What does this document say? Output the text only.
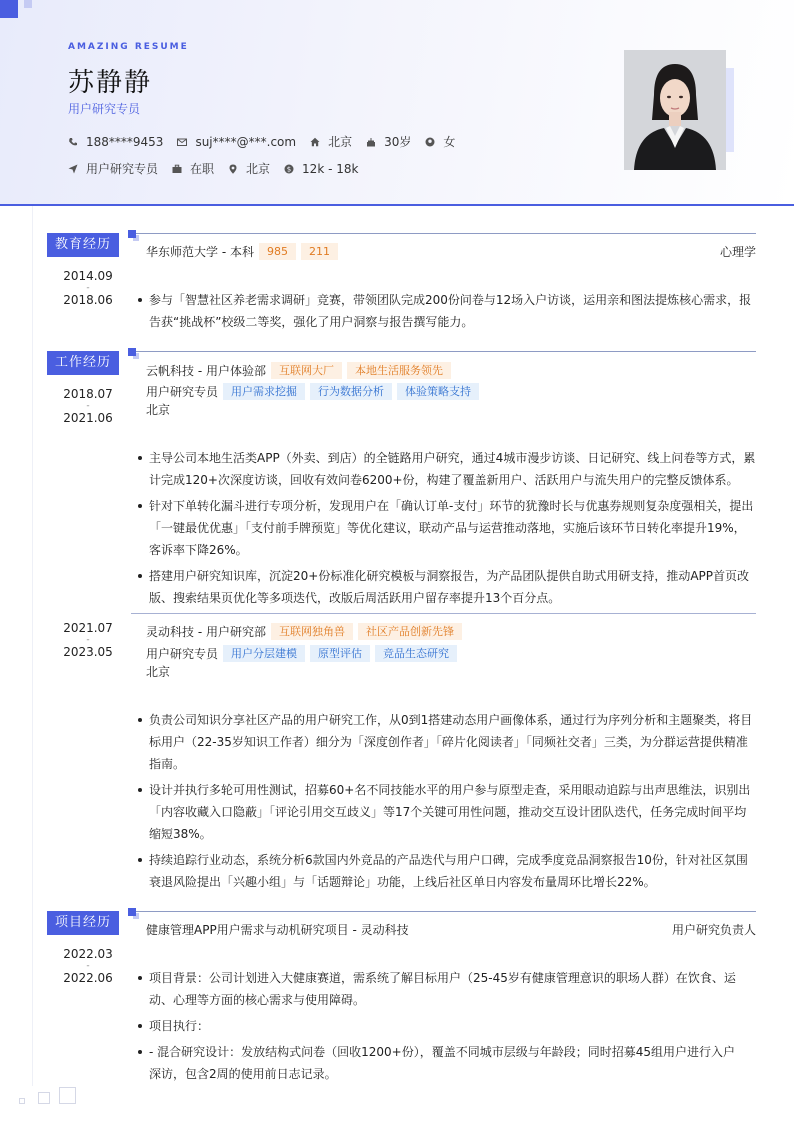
AMAZING RESUME
苏静静
用户研究专员
188****9453	suj****@***.com	北京	30岁	女
用户研究专员	在职	北京 $ 12k - 18k
教育经历	华东师范大学 - 本科	985	211	心理学
2014.09
-
2018.06	参与「智慧社区养老需求调研」竞赛，带领团队完成200份问卷与12场入户访谈，运用亲和图法提炼核心需求，报告获“挑战杯”校级二等奖，强化了用户洞察与报告撰写能力。
工作经历
云帆科技 - 用户体验部	互联网大厂	本地生活服务领先
用户研究专员	用户需求挖掘	行为数据分析	体验策略支持
北京
2018.07
-
2021.06
主导公司本地生活类APP（外卖、到店）的全链路用户研究，通过4城市漫步访谈、日记研究、线上问卷等方式，累计完成120+次深度访谈，回收有效问卷6200+份，构建了覆盖新用户、活跃用户与流失用户的完整反馈体系。
针对下单转化漏斗进行专项分析，发现用户在「确认订单-支付」环节的犹豫时长与优惠券规则复杂度强相关，提出「一键最优优惠」「支付前手牌预览」等优化建议，联动产品与运营推动落地，实施后该环节日转化率提升19%，客诉率下降26%。
搭建用户研究知识库，沉淀20+份标准化研究模板与洞察报告，为产品团队提供自助式用研支持，推动APP首页改版、搜索结果页优化等多项迭代，改版后周活跃用户留存率提升13个百分点。
灵动科技 - 用户研究部	互联网独角兽	社区产品创新先锋
用户研究专员	用户分层建模	原型评估	竞品生态研究
北京
2021.07
-
2023.05
负责公司知识分享社区产品的用户研究工作，从0到1搭建动态用户画像体系，通过行为序列分析和主题聚类，将目标用户（22-35岁知识工作者）细分为「深度创作者」「碎片化阅读者」「同频社交者」三类，为分群运营提供精准指南。
设计并执行多轮可用性测试，招募60+名不同技能水平的用户参与原型走查，采用眼动追踪与出声思维法，识别出「内容收藏入口隐蔽」「评论引用交互歧义」等17个关键可用性问题，推动交互设计团队迭代，任务完成时间平均缩短38%。
持续追踪行业动态，系统分析6款国内外竞品的产品迭代与用户口碑，完成季度竞品洞察报告10份，针对社区氛围衰退风险提出「兴趣小组」与「话题辩论」功能，上线后社区单日内容发布量周环比增长22%。
项目经历	健康管理APP用户需求与动机研究项目 - 灵动科技	用户研究负责人
2022.03
-
2022.06	项目背景：公司计划进入大健康赛道，需系统了解目标用户（25-45岁有健康管理意识的职场人群）在饮食、运动、心理等方面的核心需求与使用障碍。
项目执行：
- 混合研究设计：发放结构式问卷（回收1200+份），覆盖不同城市层级与年龄段；同时招募45组用户进行入户深访，包含2周的使用前日志记录。
